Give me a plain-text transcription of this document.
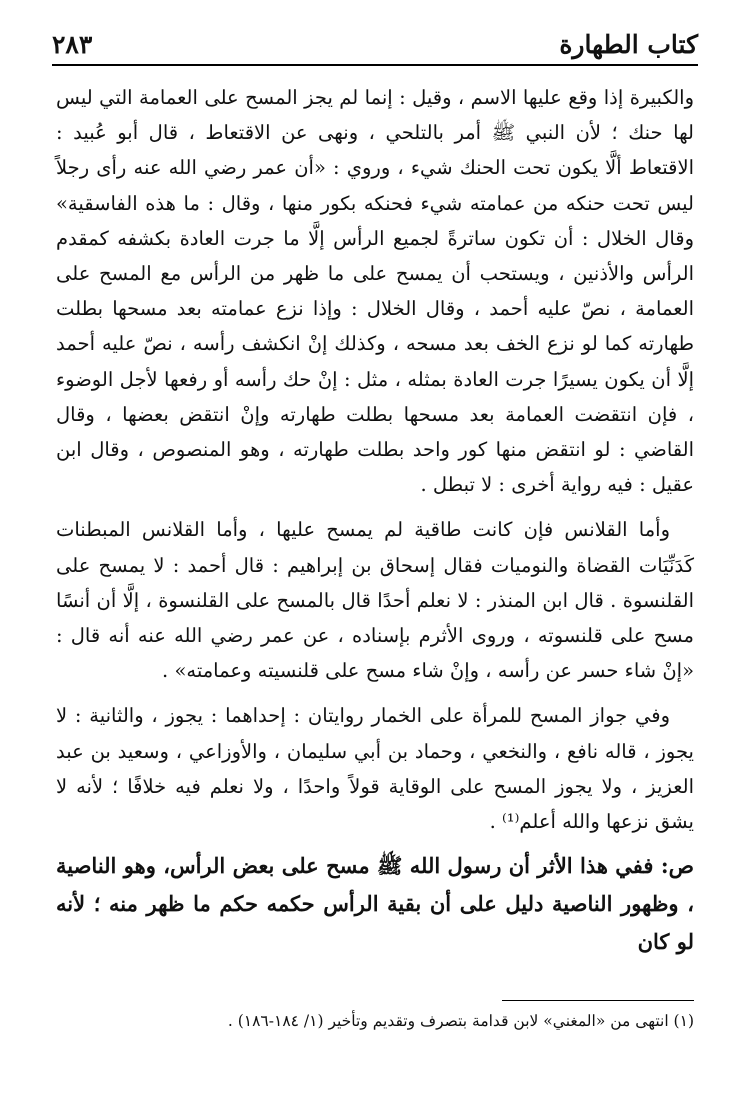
كتاب الطهارة
٢٨٣

والكبيرة إذا وقع عليها الاسم ، وقيل : إنما لم يجز المسح على العمامة التي ليس لها حنك ؛ لأن النبي ﷺ أمر بالتلحي ، ونهى عن الاقتعاط ، قال أبو عُبيد : الاقتعاط ألَّا يكون تحت الحنك شيء ، وروي : «أن عمر رضي الله عنه رأى رجلاً ليس تحت حنكه من عمامته شيء فحنكه بكور منها ، وقال : ما هذه الفاسقية» وقال الخلال : أن تكون ساترةً لجميع الرأس إلَّا ما جرت العادة بكشفه كمقدم الرأس والأذنين ، ويستحب أن يمسح على ما ظهر من الرأس مع المسح على العمامة ، نصّ عليه أحمد ، وقال الخلال : وإذا نزع عمامته بعد مسحها بطلت طهارته كما لو نزع الخف بعد مسحه ، وكذلك إنْ انكشف رأسه ، نصّ عليه أحمد إلَّا أن يكون يسيرًا جرت العادة بمثله ، مثل : إنْ حك رأسه أو رفعها لأجل الوضوء ، فإن انتقضت العمامة بعد مسحها بطلت طهارته وإنْ انتقض بعضها ، وقال القاضي : لو انتقض منها كور واحد بطلت طهارته ، وهو المنصوص ، وقال ابن عقيل : فيه رواية أخرى : لا تبطل .

وأما القلانس فإن كانت طاقية لم يمسح عليها ، وأما القلانس المبطنات كَدَنِّيَات القضاة والنوميات فقال إسحاق بن إبراهيم : قال أحمد : لا يمسح على القلنسوة . قال ابن المنذر : لا نعلم أحدًا قال بالمسح على القلنسوة ، إلَّا أن أنسًا مسح على قلنسوته ، وروى الأثرم بإسناده ، عن عمر رضي الله عنه أنه قال : «إنْ شاء حسر عن رأسه ، وإنْ شاء مسح على قلنسيته وعمامته» .

وفي جواز المسح للمرأة على الخمار روايتان : إحداهما : يجوز ، والثانية : لا يجوز ، قاله نافع ، والنخعي ، وحماد بن أبي سليمان ، والأوزاعي ، وسعيد بن عبد العزيز ، ولا يجوز المسح على الوقاية قولاً واحدًا ، ولا نعلم فيه خلافًا ؛ لأنه لا يشق نزعها والله أعلم⁽¹⁾ .

ص: ففي هذا الأثر أن رسول الله ﷺ مسح على بعض الرأس، وهو الناصية ، وظهور الناصية دليل على أن بقية الرأس حكمه حكم ما ظهر منه ؛ لأنه لو كان

(١) انتهى من «المغني» لابن قدامة بتصرف وتقديم وتأخير (١/ ١٨٤-١٨٦) .
